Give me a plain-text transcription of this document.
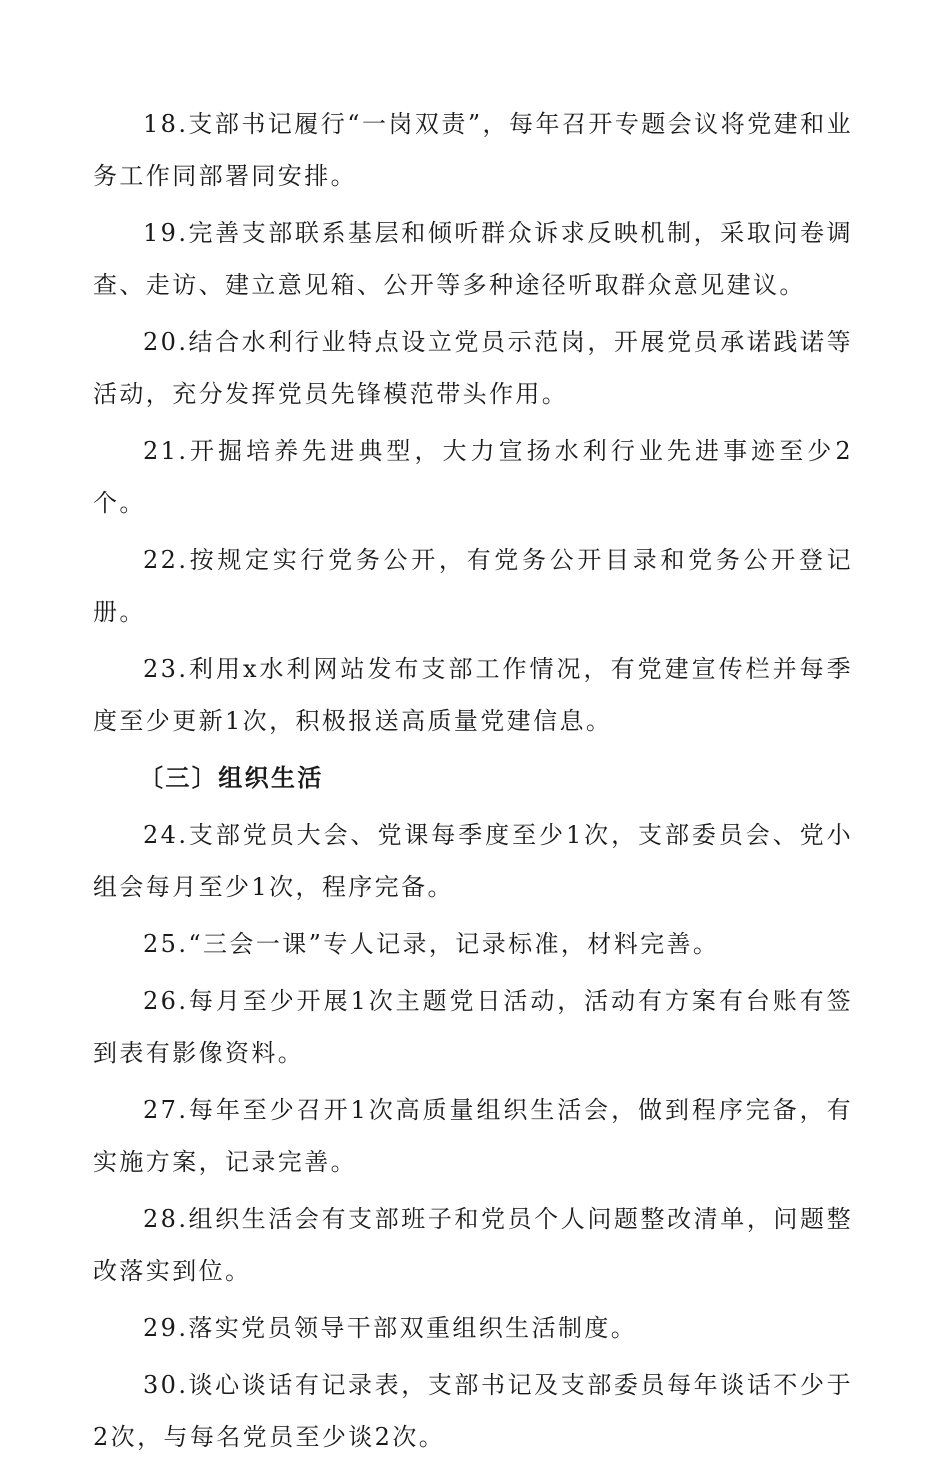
18.支部书记履行“一岗双责”，每年召开专题会议将党建和业务工作同部署同安排。

19.完善支部联系基层和倾听群众诉求反映机制，采取问卷调查、走访、建立意见箱、公开等多种途径听取群众意见建议。

20.结合水利行业特点设立党员示范岗，开展党员承诺践诺等活动，充分发挥党员先锋模范带头作用。

21.开掘培养先进典型，大力宣扬水利行业先进事迹至少2个。

22.按规定实行党务公开，有党务公开目录和党务公开登记册。

23.利用x水利网站发布支部工作情况，有党建宣传栏并每季度至少更新1次，积极报送高质量党建信息。

〔三〕组织生活

24.支部党员大会、党课每季度至少1次，支部委员会、党小组会每月至少1次，程序完备。

25.“三会一课”专人记录，记录标准，材料完善。

26.每月至少开展1次主题党日活动，活动有方案有台账有签到表有影像资料。

27.每年至少召开1次高质量组织生活会，做到程序完备，有实施方案，记录完善。

28.组织生活会有支部班子和党员个人问题整改清单，问题整改落实到位。

29.落实党员领导干部双重组织生活制度。

30.谈心谈话有记录表，支部书记及支部委员每年谈话不少于2次，与每名党员至少谈2次。
